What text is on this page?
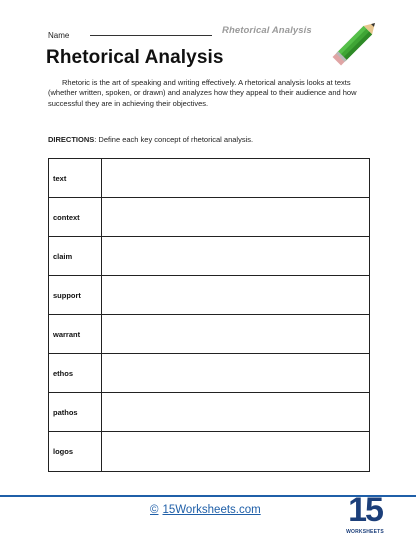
Name	Rhetorical Analysis
Rhetorical Analysis
Rhetoric is the art of speaking and writing effectively. A rhetorical analysis looks at texts (whether written, spoken, or drawn) and analyzes how they appeal to their audience and how successful they are in achieving their objectives.
DIRECTIONS: Define each key concept of rhetorical analysis.
text
context
claim
support
warrant
ethos
pathos
logos
© 15Worksheets.com	15
WORKSHEETS
